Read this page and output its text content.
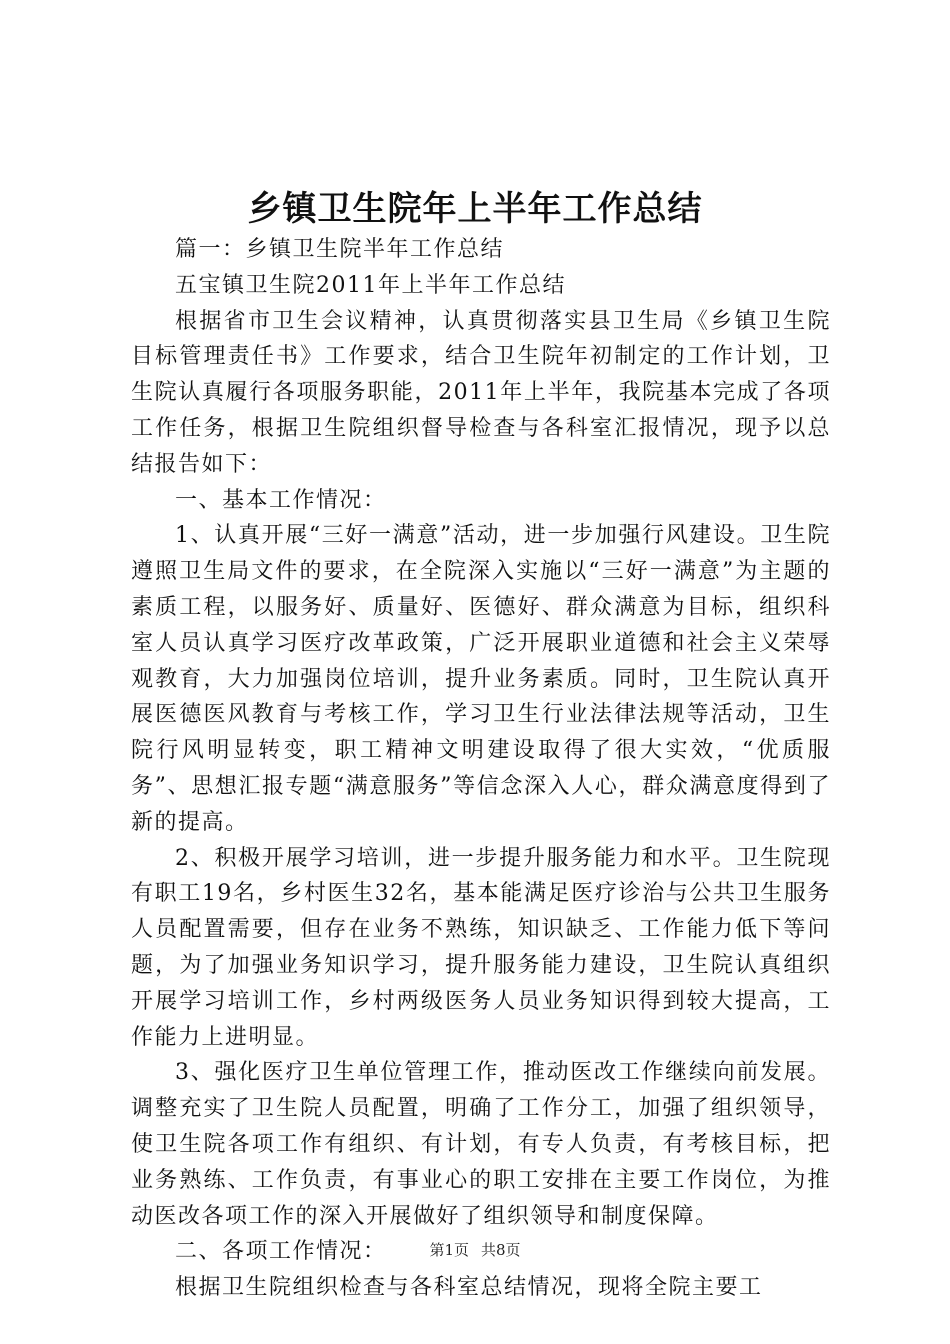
乡镇卫生院年上半年工作总结

篇一：乡镇卫生院半年工作总结

五宝镇卫生院2011年上半年工作总结

根据省市卫生会议精神，认真贯彻落实县卫生局《乡镇卫生院目标管理责任书》工作要求，结合卫生院年初制定的工作计划，卫生院认真履行各项服务职能，2011年上半年，我院基本完成了各项工作任务，根据卫生院组织督导检查与各科室汇报情况，现予以总结报告如下：

一、基本工作情况：

1、认真开展“三好一满意”活动，进一步加强行风建设。卫生院遵照卫生局文件的要求，在全院深入实施以“三好一满意”为主题的素质工程，以服务好、质量好、医德好、群众满意为目标，组织科室人员认真学习医疗改革政策，广泛开展职业道德和社会主义荣辱观教育，大力加强岗位培训，提升业务素质。同时，卫生院认真开展医德医风教育与考核工作，学习卫生行业法律法规等活动，卫生院行风明显转变，职工精神文明建设取得了很大实效，“优质服务”、思想汇报专题“满意服务”等信念深入人心，群众满意度得到了新的提高。

2、积极开展学习培训，进一步提升服务能力和水平。卫生院现有职工19名，乡村医生32名，基本能满足医疗诊治与公共卫生服务人员配置需要，但存在业务不熟练，知识缺乏、工作能力低下等问题，为了加强业务知识学习，提升服务能力建设，卫生院认真组织开展学习培训工作，乡村两级医务人员业务知识得到较大提高，工作能力上进明显。

3、强化医疗卫生单位管理工作，推动医改工作继续向前发展。调整充实了卫生院人员配置，明确了工作分工，加强了组织领导，使卫生院各项工作有组织、有计划，有专人负责，有考核目标，把业务熟练、工作负责，有事业心的职工安排在主要工作岗位，为推动医改各项工作的深入开展做好了组织领导和制度保障。

二、各项工作情况：

根据卫生院组织检查与各科室总结情况，现将全院主要工

第1页 共8页
